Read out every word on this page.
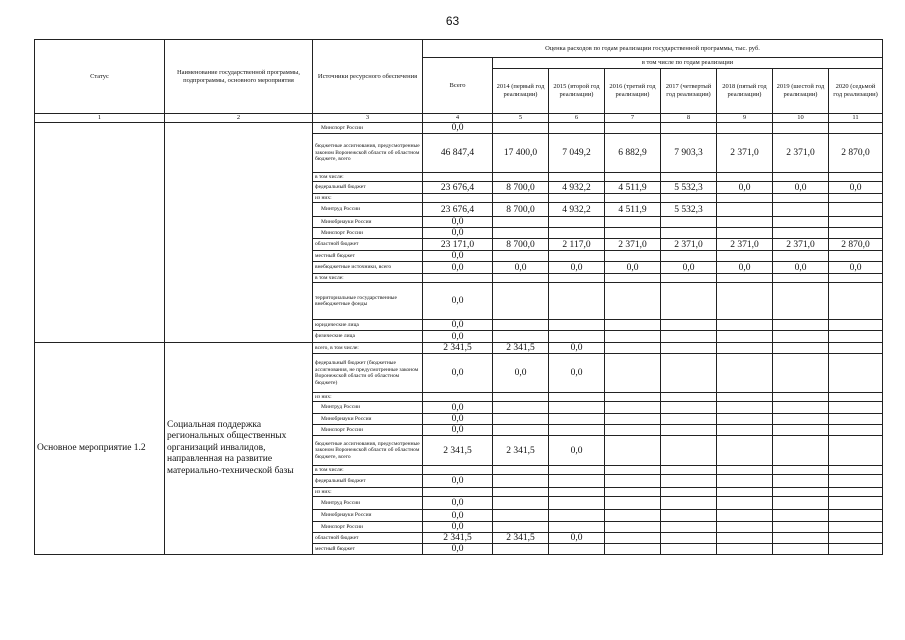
63
Статус	Наименование государственной программы, подпрограммы, основного мероприятия	Источники ресурсного обеспечения	Оценка расходов по годам реализации государственной программы, тыс. руб.							
			Всего	в том числе по годам реализации						
				2014 (первый год реализации)	2015 (второй год реализации)	2016 (третий год реализации)	2017 (четвертый год реализации)	2018 (пятый год реализации)	2019 (шестой год реализации)	2020 (седьмой год реализации)
1	2	3	4	5	6	7	8	9	10	11
		Минспорт России	0,0							
		бюджетные ассигнования, предусмотренные законом Воронежской области об областном бюджете, всего	46 847,4	17 400,0	7 049,2	6 882,9	7 903,3	2 371,0	2 371,0	2 870,0
		в том числе:								
		федеральный бюджет	23 676,4	8 700,0	4 932,2	4 511,9	5 532,3	0,0	0,0	0,0
		из них:								
		Минтруд России	23 676,4	8 700,0	4 932,2	4 511,9	5 532,3			
		Минобрнауки России	0,0							
		Минспорт России	0,0							
		областной бюджет	23 171,0	8 700,0	2 117,0	2 371,0	2 371,0	2 371,0	2 371,0	2 870,0
		местный бюджет	0,0							
		внебюджетные источники, всего	0,0	0,0	0,0	0,0	0,0	0,0	0,0	0,0
		в том числе:								
		территориальные государственные внебюджетные фонды	0,0							
		юридические лица	0,0							
		физические лица	0,0							
Основное мероприятие 1.2	Социальная поддержка региональных общественных организаций инвалидов, направленная на развитие материально-технической базы	всего, в том числе:	2 341,5	2 341,5	0,0					
		федеральный бюджет (бюджетные ассигнования, не предусмотренные законом Воронежской области об областном бюджете)	0,0	0,0	0,0					
		из них:								
		Минтруд России	0,0							
		Минобрнауки России	0,0							
		Минспорт России	0,0							
		бюджетные ассигнования, предусмотренные законом Воронежской области об областном бюджете, всего	2 341,5	2 341,5	0,0					
		в том числе:								
		федеральный бюджет	0,0							
		из них:								
		Минтруд России	0,0							
		Минобрнауки России	0,0							
		Минспорт России	0,0							
		областной бюджет	2 341,5	2 341,5	0,0					
		местный бюджет	0,0							
